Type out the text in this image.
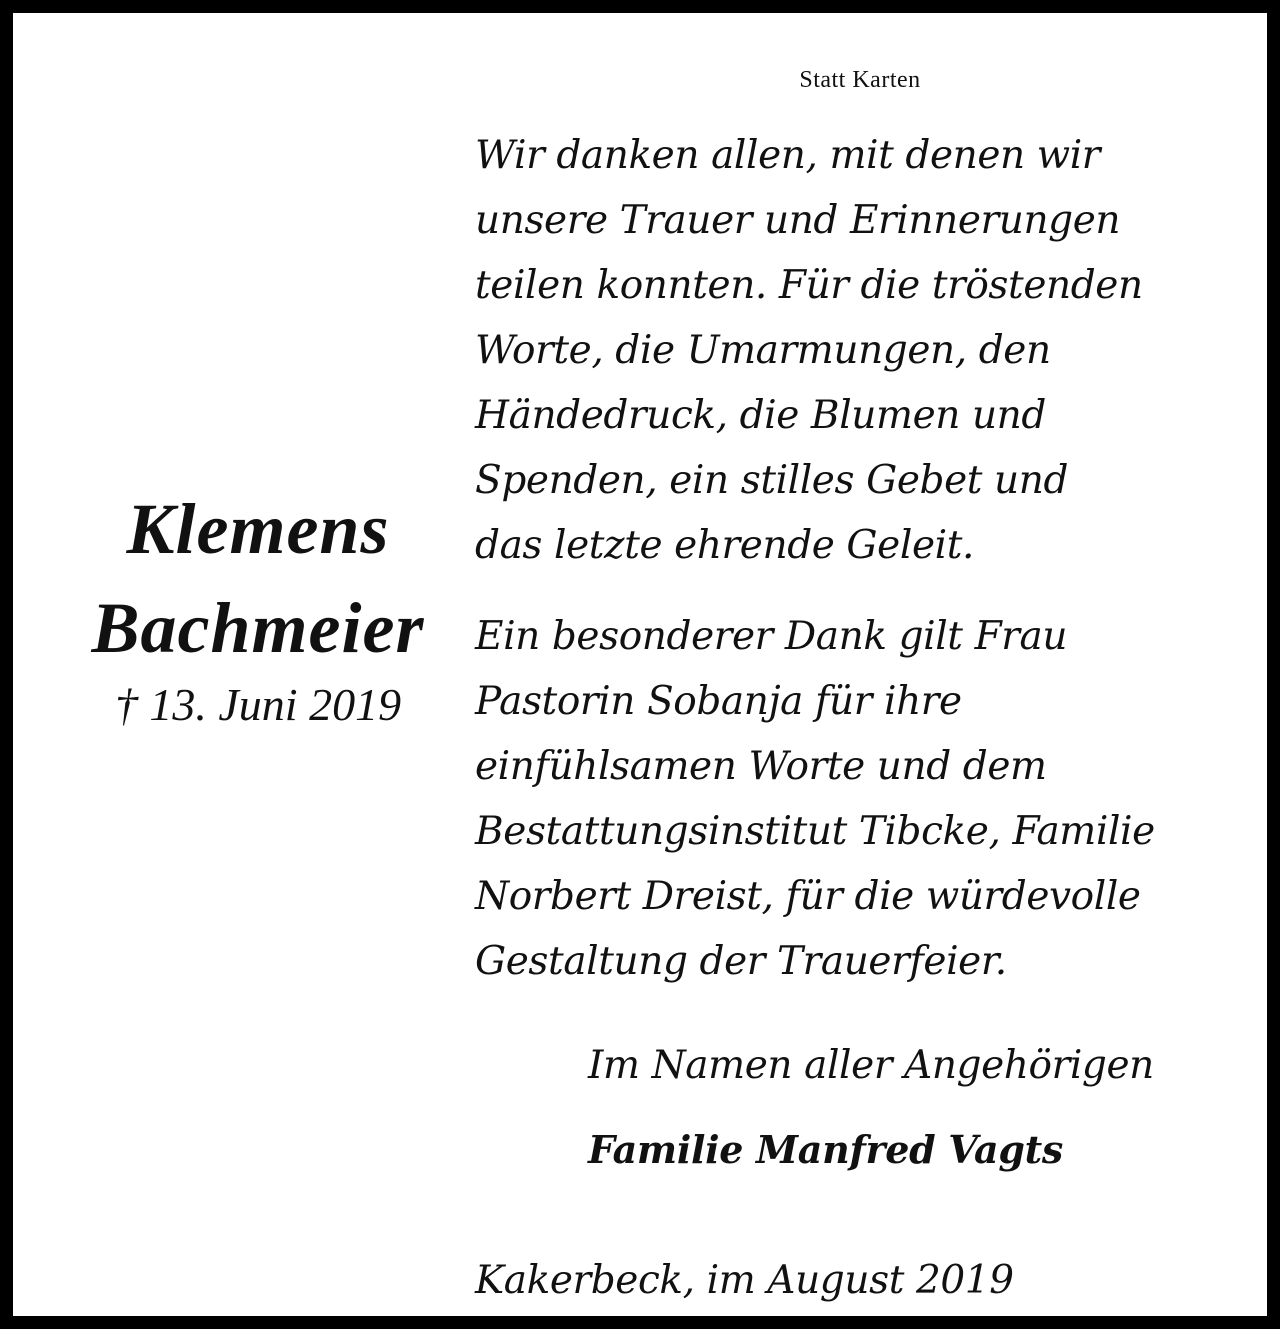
Statt Karten
Klemens
Bachmeier
† 13. Juni 2019
Wir danken allen, mit denen wir
unsere Trauer und Erinnerungen
teilen konnten. Für die tröstenden
Worte, die Umarmungen, den
Händedruck, die Blumen und
Spenden, ein stilles Gebet und
das letzte ehrende Geleit.
Ein besonderer Dank gilt Frau
Pastorin Sobanja für ihre
einfühlsamen Worte und dem
Bestattungsinstitut Tibcke, Familie
Norbert Dreist, für die würdevolle
Gestaltung der Trauerfeier.
Im Namen aller Angehörigen
Familie Manfred Vagts
Kakerbeck, im August 2019
